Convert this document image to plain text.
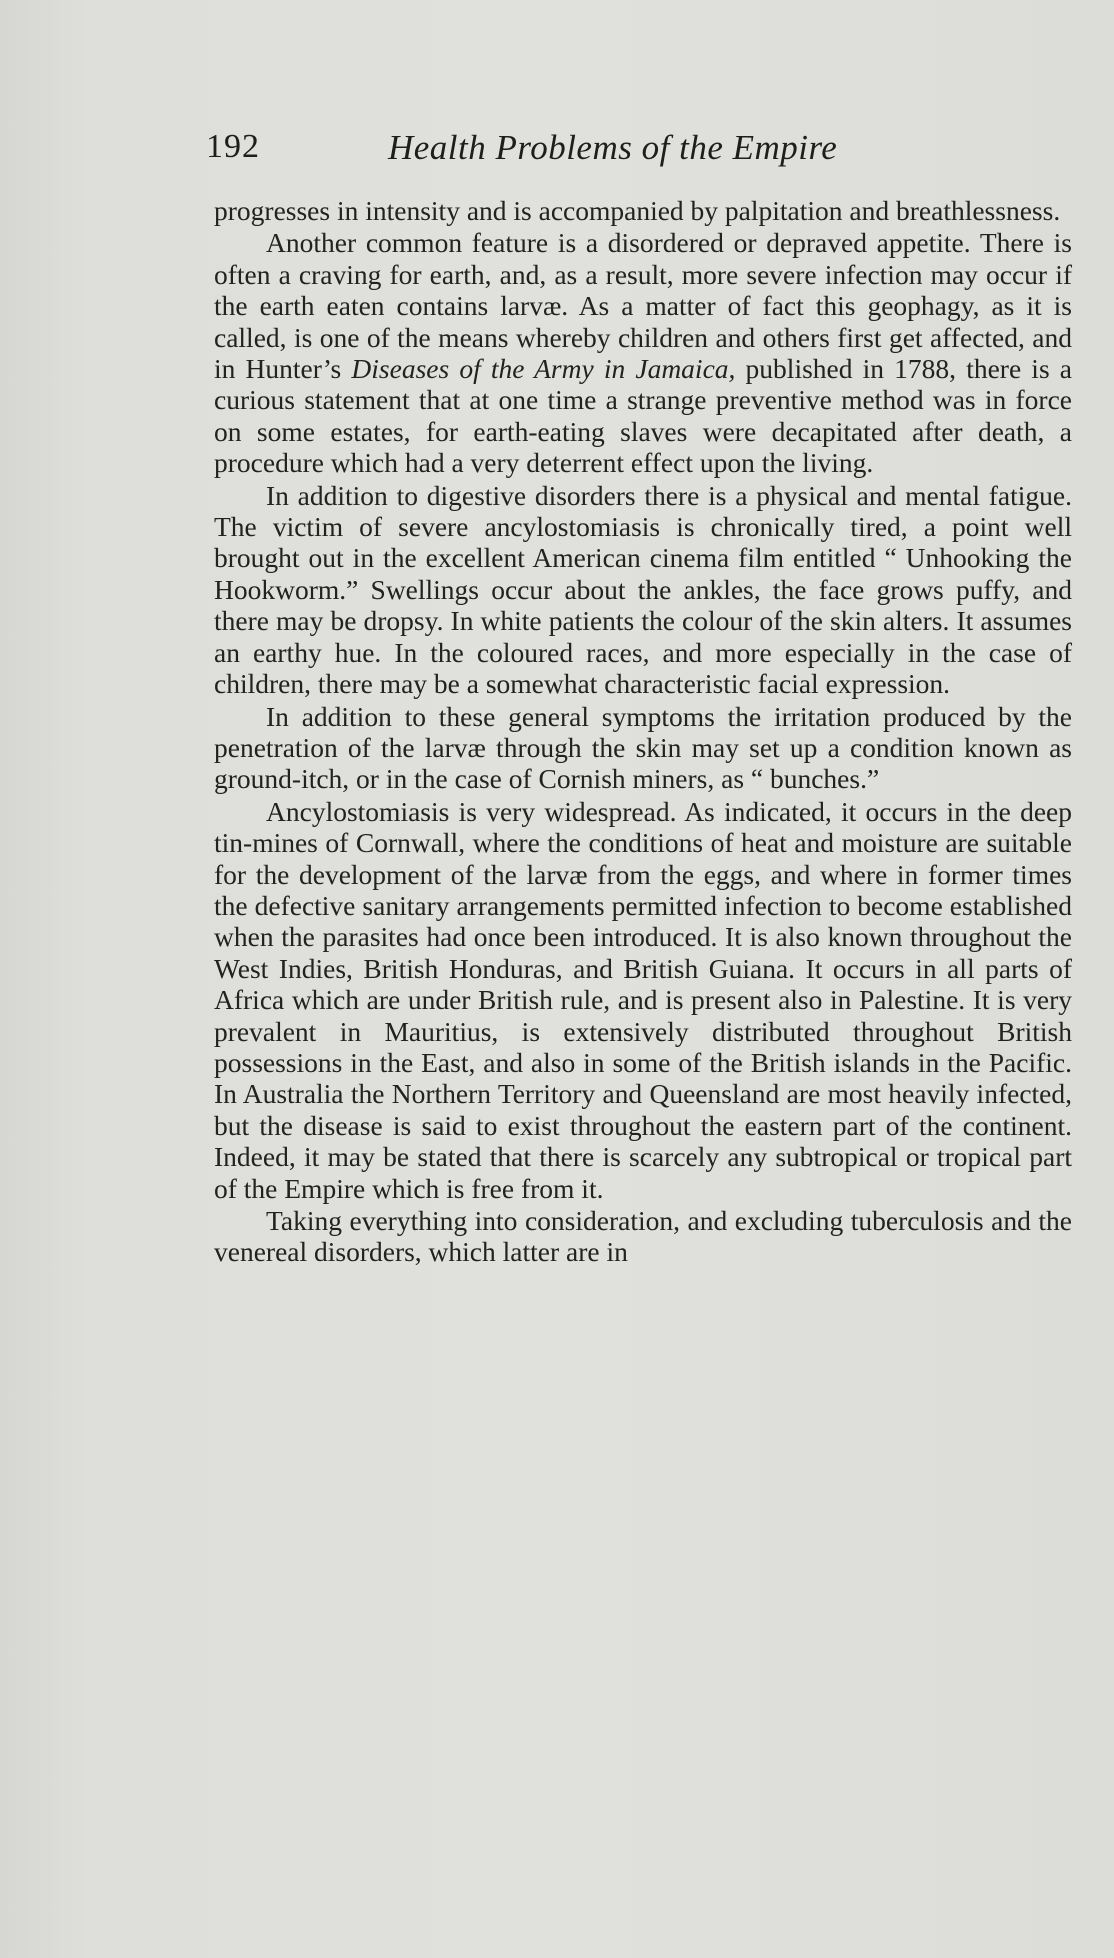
192	Health Problems of the Empire

progresses in intensity and is accompanied by palpitation and breathlessness.

Another common feature is a disordered or depraved appetite. There is often a craving for earth, and, as a result, more severe infection may occur if the earth eaten contains larvæ. As a matter of fact this geophagy, as it is called, is one of the means whereby children and others first get affected, and in Hunter’s Diseases of the Army in Jamaica, published in 1788, there is a curious statement that at one time a strange preventive method was in force on some estates, for earth-eating slaves were decapitated after death, a procedure which had a very deterrent effect upon the living.

In addition to digestive disorders there is a physical and mental fatigue. The victim of severe ancylostomiasis is chronically tired, a point well brought out in the excellent American cinema film entitled “ Unhooking the Hookworm.” Swellings occur about the ankles, the face grows puffy, and there may be dropsy. In white patients the colour of the skin alters. It assumes an earthy hue. In the coloured races, and more especially in the case of children, there may be a somewhat characteristic facial expression.

In addition to these general symptoms the irritation produced by the penetration of the larvæ through the skin may set up a condition known as ground-itch, or in the case of Cornish miners, as “ bunches.”

Ancylostomiasis is very widespread. As indicated, it occurs in the deep tin-mines of Cornwall, where the conditions of heat and moisture are suitable for the development of the larvæ from the eggs, and where in former times the defective sanitary arrangements permitted infection to become established when the parasites had once been introduced. It is also known throughout the West Indies, British Honduras, and British Guiana. It occurs in all parts of Africa which are under British rule, and is present also in Palestine. It is very prevalent in Mauritius, is extensively distributed throughout British possessions in the East, and also in some of the British islands in the Pacific. In Australia the Northern Territory and Queensland are most heavily infected, but the disease is said to exist throughout the eastern part of the continent. Indeed, it may be stated that there is scarcely any subtropical or tropical part of the Empire which is free from it.

Taking everything into consideration, and excluding tuberculosis and the venereal disorders, which latter are in
